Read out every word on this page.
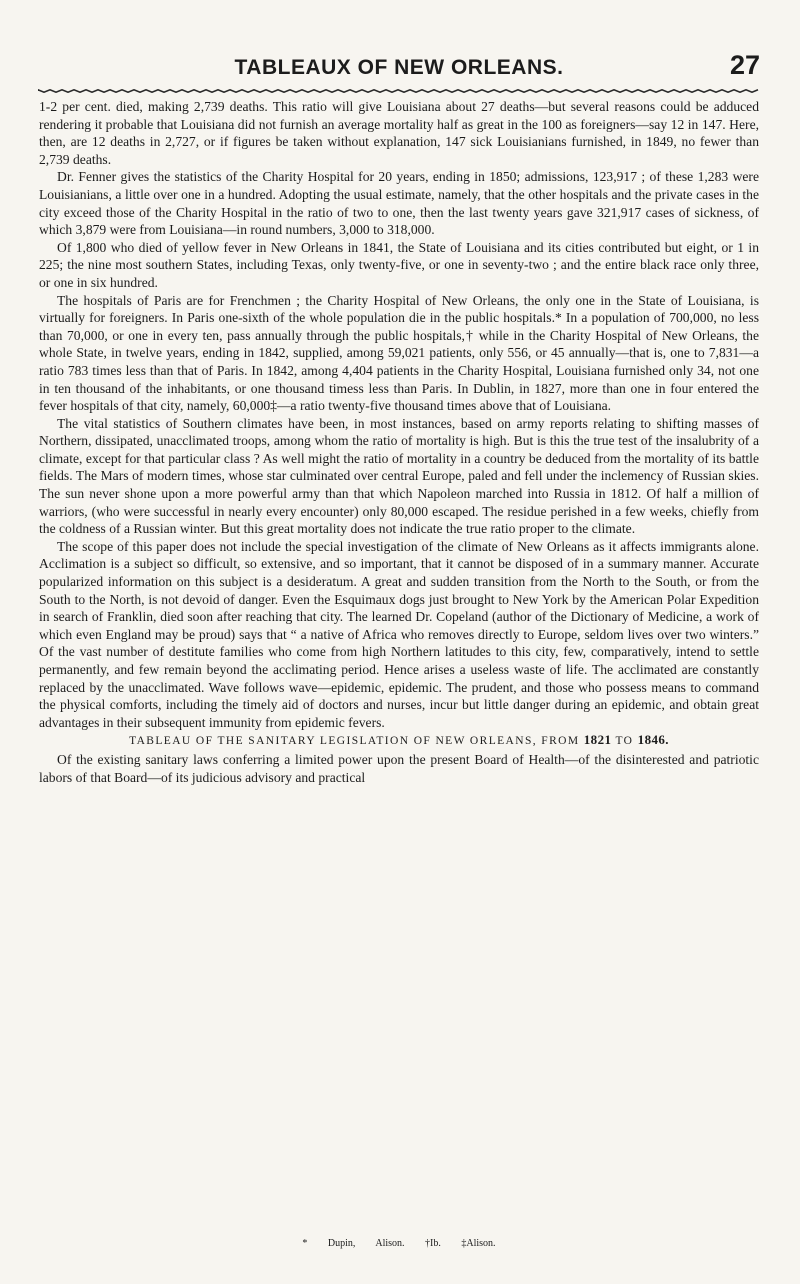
TABLEAUX OF NEW ORLEANS.	27

1-2 per cent. died, making 2,739 deaths. This ratio will give Louisiana about 27 deaths—but several reasons could be adduced rendering it probable that Louisiana did not furnish an average mortality half as great in the 100 as foreigners—say 12 in 147. Here, then, are 12 deaths in 2,727, or if figures be taken without explanation, 147 sick Louisianians furnished, in 1849, no fewer than 2,739 deaths.

Dr. Fenner gives the statistics of the Charity Hospital for 20 years, ending in 1850; admissions, 123,917 ; of these 1,283 were Louisianians, a little over one in a hundred. Adopting the usual estimate, namely, that the other hospitals and the private cases in the city exceed those of the Charity Hospital in the ratio of two to one, then the last twenty years gave 321,917 cases of sickness, of which 3,879 were from Louisiana—in round numbers, 3,000 to 318,000.

Of 1,800 who died of yellow fever in New Orleans in 1841, the State of Louisiana and its cities contributed but eight, or 1 in 225; the nine most southern States, including Texas, only twenty-five, or one in seventy-two ; and the entire black race only three, or one in six hundred.

The hospitals of Paris are for Frenchmen ; the Charity Hospital of New Orleans, the only one in the State of Louisiana, is virtually for foreigners. In Paris one-sixth of the whole population die in the public hospitals.* In a population of 700,000, no less than 70,000, or one in every ten, pass annually through the public hospitals,† while in the Charity Hospital of New Orleans, the whole State, in twelve years, ending in 1842, supplied, among 59,021 patients, only 556, or 45 annually—that is, one to 7,831—a ratio 783 times less than that of Paris. In 1842, among 4,404 patients in the Charity Hospital, Louisiana furnished only 34, not one in ten thousand of the inhabitants, or one thousand timess less than Paris. In Dublin, in 1827, more than one in four entered the fever hospitals of that city, namely, 60,000‡—a ratio twenty-five thousand times above that of Louisiana.

The vital statistics of Southern climates have been, in most instances, based on army reports relating to shifting masses of Northern, dissipated, unacclimated troops, among whom the ratio of mortality is high. But is this the true test of the insalubrity of a climate, except for that particular class ? As well might the ratio of mortality in a country be deduced from the mortality of its battle fields. The Mars of modern times, whose star culminated over central Europe, paled and fell under the inclemency of Russian skies. The sun never shone upon a more powerful army than that which Napoleon marched into Russia in 1812. Of half a million of warriors, (who were successful in nearly every encounter) only 80,000 escaped. The residue perished in a few weeks, chiefly from the coldness of a Russian winter. But this great mortality does not indicate the true ratio proper to the climate.

The scope of this paper does not include the special investigation of the climate of New Orleans as it affects immigrants alone. Acclimation is a subject so difficult, so extensive, and so important, that it cannot be disposed of in a summary manner. Accurate popularized information on this subject is a desideratum. A great and sudden transition from the North to the South, or from the South to the North, is not devoid of danger. Even the Esquimaux dogs just brought to New York by the American Polar Expedition in search of Franklin, died soon after reaching that city. The learned Dr. Copeland (author of the Dictionary of Medicine, a work of which even England may be proud) says that “ a native of Africa who removes directly to Europe, seldom lives over two winters.” Of the vast number of destitute families who come from high Northern latitudes to this city, few, comparatively, intend to settle permanently, and few remain beyond the acclimating period. Hence arises a useless waste of life. The acclimated are constantly replaced by the unacclimated. Wave follows wave—epidemic, epidemic. The prudent, and those who possess means to command the physical comforts, including the timely aid of doctors and nurses, incur but little danger during an epidemic, and obtain great advantages in their subsequent immunity from epidemic fevers.

TABLEAU OF THE SANITARY LEGISLATION OF NEW ORLEANS, FROM 1821 TO 1846.

Of the existing sanitary laws conferring a limited power upon the present Board of Health—of the disinterested and patriotic labors of that Board—of its judicious advisory and practical

* Dupin, Alison. †Ib. ‡Alison.
